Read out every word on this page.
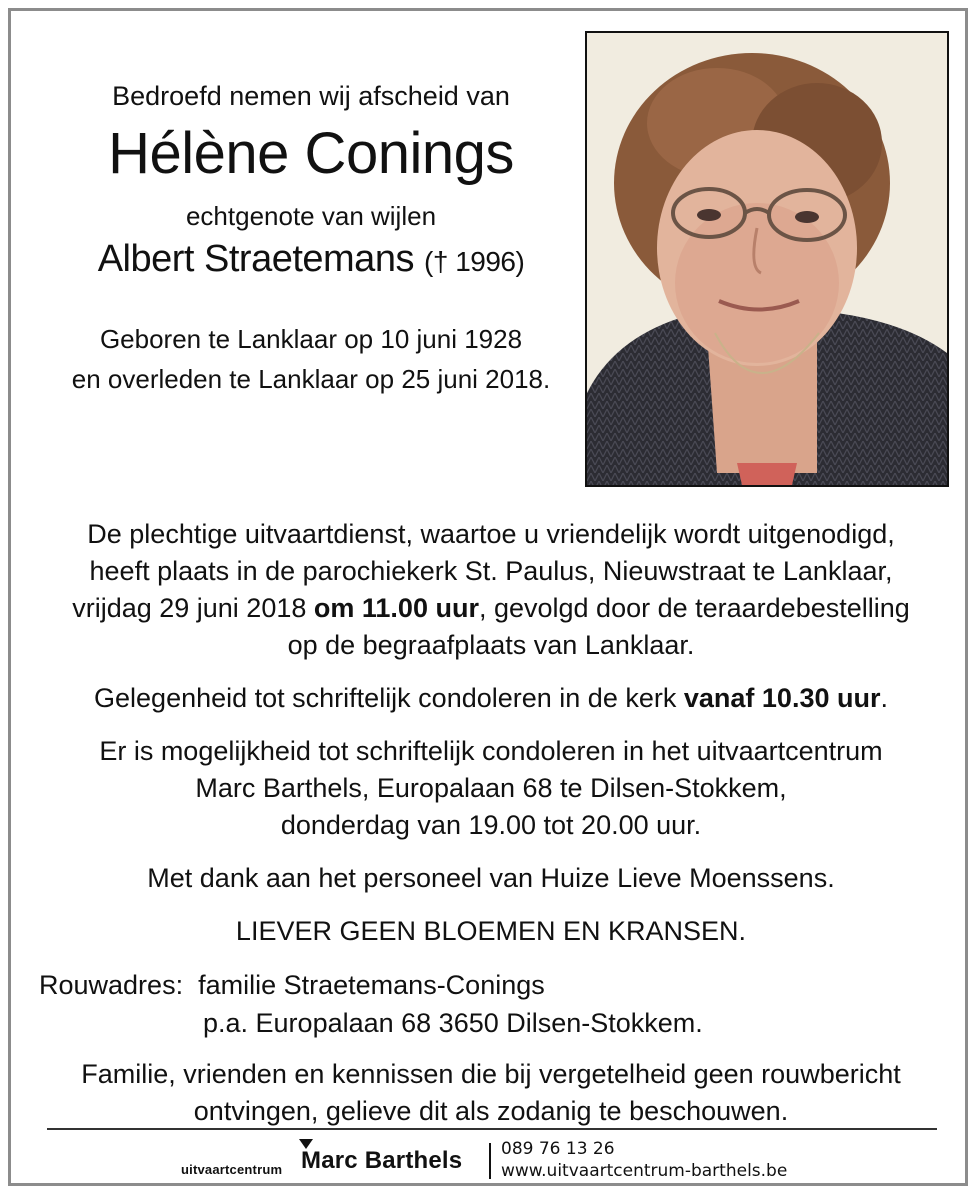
Bedroefd nemen wij afscheid van

Hélène Conings

echtgenote van wijlen

Albert Straetemans († 1996)
Geboren te Lanklaar op 10 juni 1928
en overleden te Lanklaar op 25 juni 2018.

De plechtige uitvaartdienst, waartoe u vriendelijk wordt uitgenodigd,
heeft plaats in de parochiekerk St. Paulus, Nieuwstraat te Lanklaar,
vrijdag 29 juni 2018 om 11.00 uur, gevolgd door de teraardebestelling
op de begraafplaats van Lanklaar.

Gelegenheid tot schriftelijk condoleren in de kerk vanaf 10.30 uur.

Er is mogelijkheid tot schriftelijk condoleren in het uitvaartcentrum
Marc Barthels, Europalaan 68 te Dilsen-Stokkem,
donderdag van 19.00 tot 20.00 uur.

Met dank aan het personeel van Huize Lieve Moenssens.

LIEVER GEEN BLOEMEN EN KRANSEN.

Rouwadres: familie Straetemans-Conings
p.a. Europalaan 68 3650 Dilsen-Stokkem.
Familie, vrienden en kennissen die bij vergetelheid geen rouwbericht
ontvingen, gelieve dit als zodanig te beschouwen.
uitvaartcentrum Marc Barthels 089 76 13 26
www.uitvaartcentrum-barthels.be
